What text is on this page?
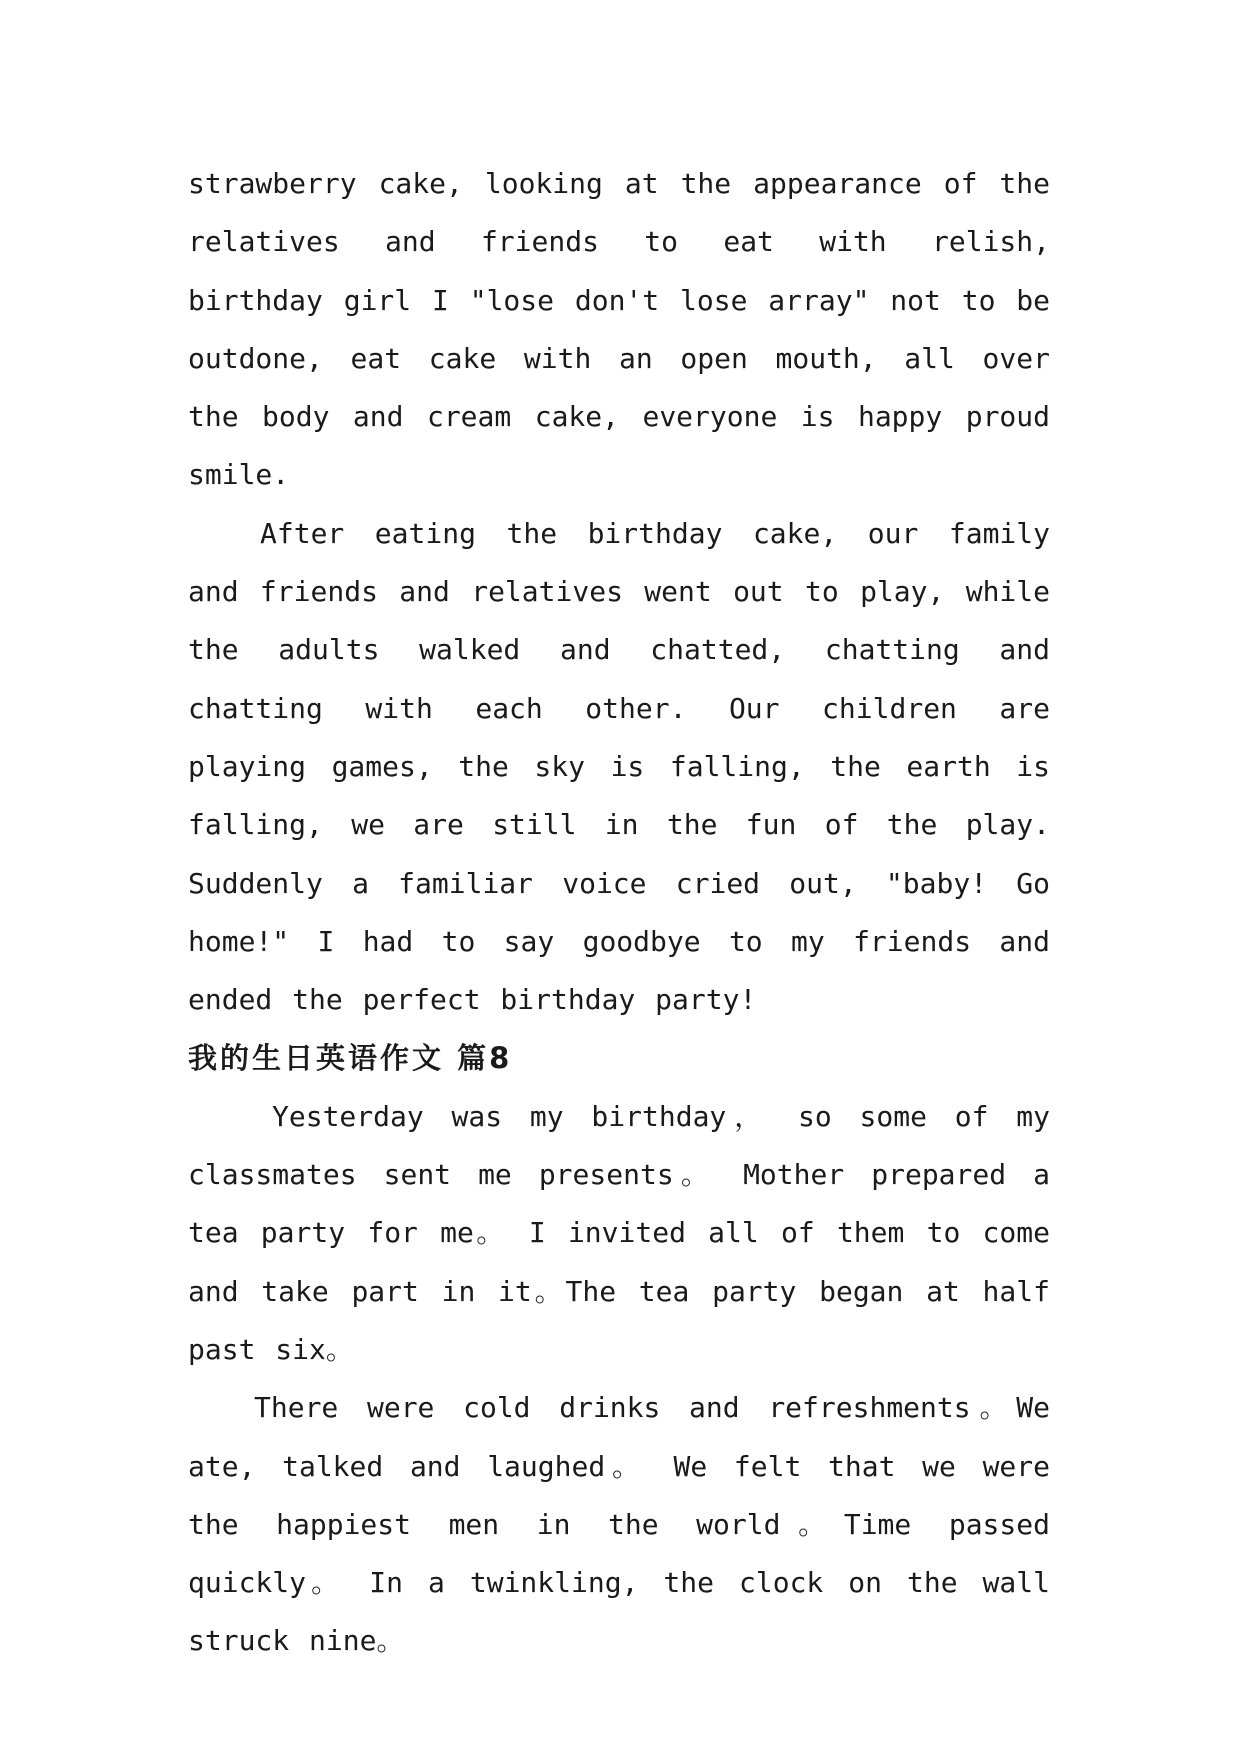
strawberry cake, looking at the appearance of the relatives and friends to eat with relish, birthday girl I "lose don't lose array" not to be outdone, eat cake with an open mouth, all over the body and cream cake, everyone is happy proud smile.

After eating the birthday cake, our family and friends and relatives went out to play, while the adults walked and chatted, chatting and chatting with each other. Our children are playing games, the sky is falling, the earth is falling, we are still in the fun of the play. Suddenly a familiar voice cried out, "baby! Go home!" I had to say goodbye to my friends and ended the perfect birthday party!

我的生日英语作文 篇8

Yesterday was my birthday， so some of my classmates sent me presents。 Mother prepared a tea party for me。 I invited all of them to come and take part in it。The tea party began at half past six。

There were cold drinks and refreshments。We ate, talked and laughed。 We felt that we were the happiest men in the world。Time passed quickly。 In a twinkling, the clock on the wall struck nine。
